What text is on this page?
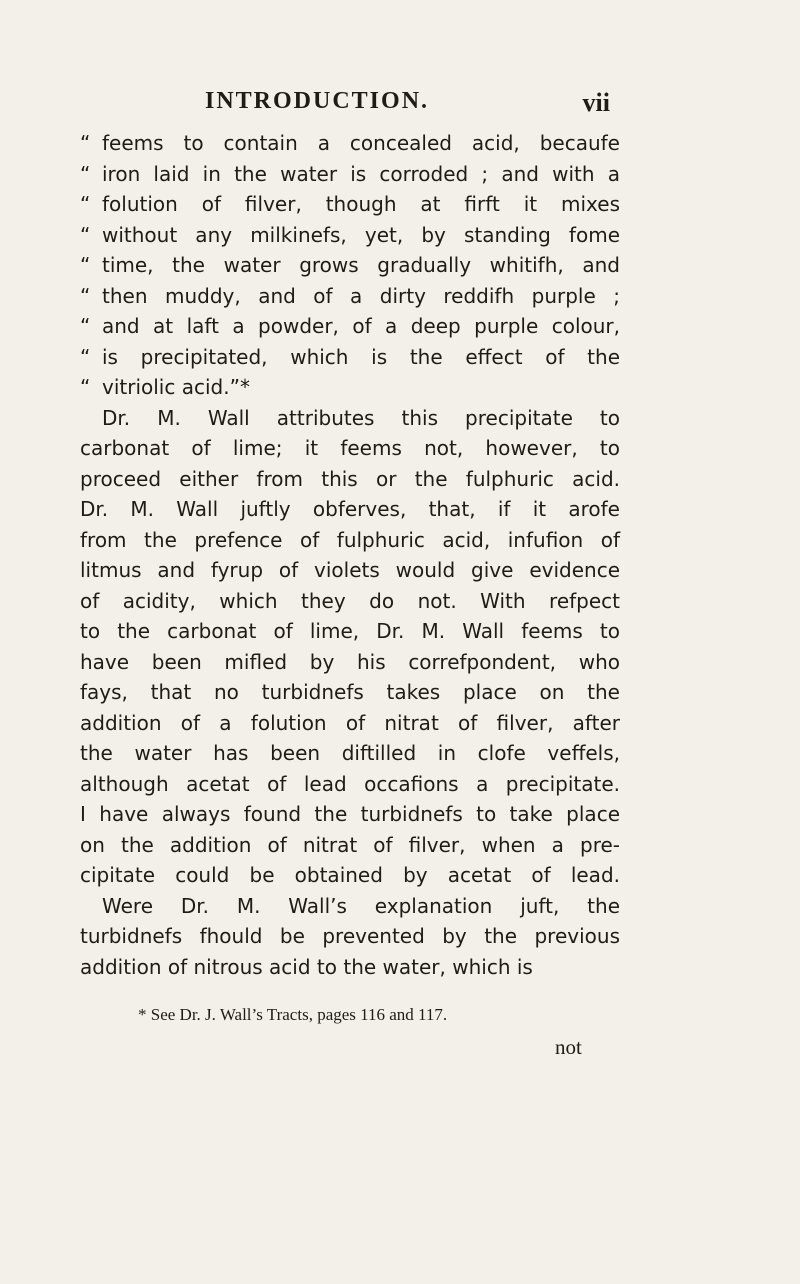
INTRODUCTION.	vii
“ feems to contain a concealed acid, becaufe
“ iron laid in the water is corroded ; and with a
“ folution of filver, though at firft it mixes
“ without any milkinefs, yet, by standing fome
“ time, the water grows gradually whitifh, and
“ then muddy, and of a dirty reddifh purple ;
“ and at laft a powder, of a deep purple colour,
“ is precipitated, which is the effect of the
“ vitriolic acid.”*
Dr. M. Wall attributes this precipitate to
carbonat of lime; it feems not, however, to
proceed either from this or the fulphuric acid.
Dr. M. Wall juftly obferves, that, if it arofe
from the prefence of fulphuric acid, infufion of
litmus and fyrup of violets would give evidence
of acidity, which they do not. With refpect
to the carbonat of lime, Dr. M. Wall feems to
have been mifled by his correfpondent, who
fays, that no turbidnefs takes place on the
addition of a folution of nitrat of filver, after
the water has been diftilled in clofe veffels,
although acetat of lead occafions a precipitate.
I have always found the turbidnefs to take place
on the addition of nitrat of filver, when a pre-
cipitate could be obtained by acetat of lead.
Were Dr. M. Wall’s explanation juft, the
turbidnefs fhould be prevented by the previous
addition of nitrous acid to the water, which is
* See Dr. J. Wall’s Tracts, pages 116 and 117.
not
